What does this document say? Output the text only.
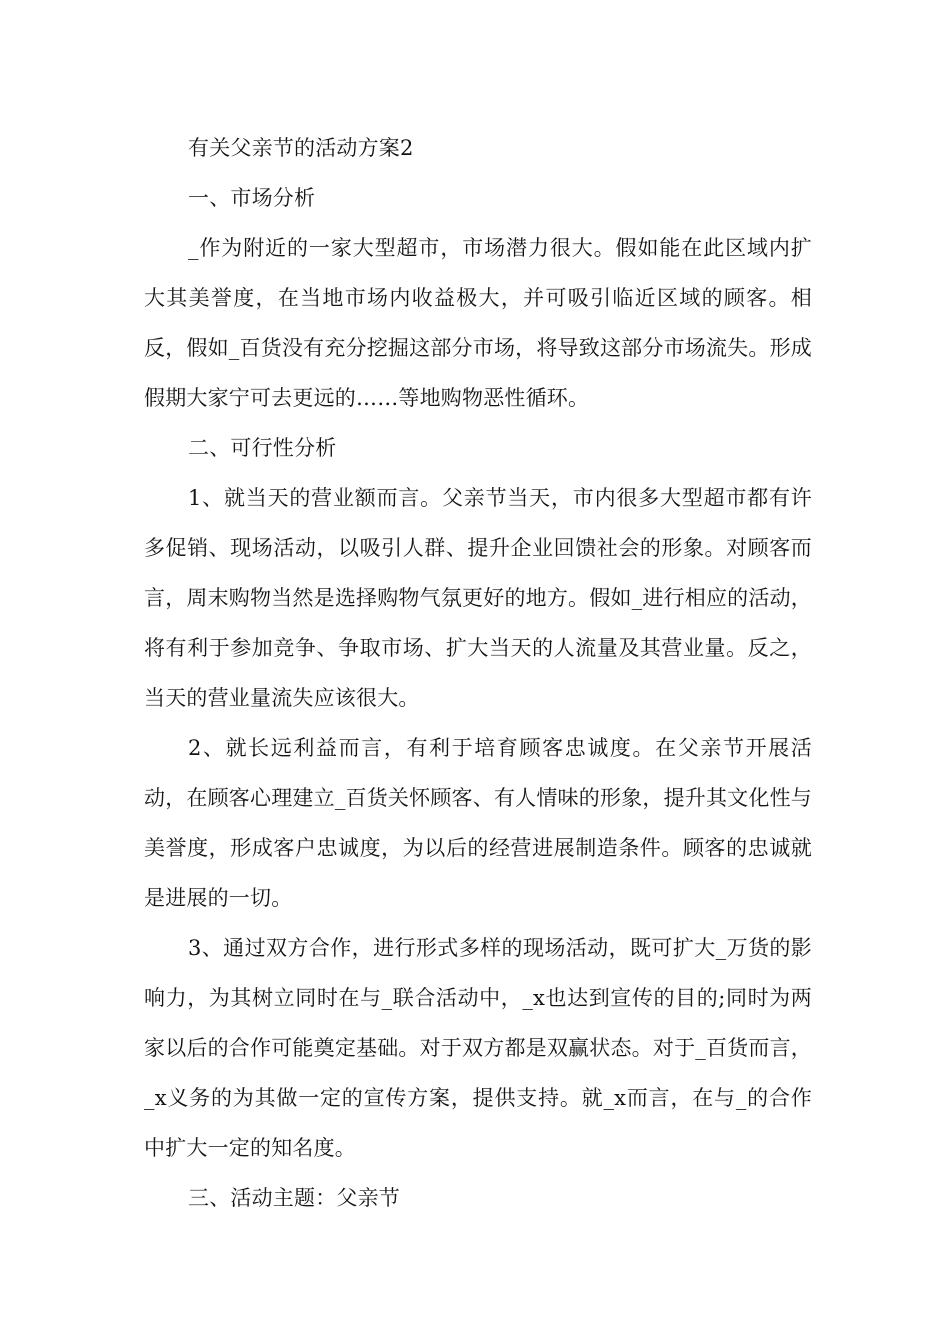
有关父亲节的活动方案2

一、市场分析

_作为附近的一家大型超市，市场潜力很大。假如能在此区域内扩大其美誉度，在当地市场内收益极大，并可吸引临近区域的顾客。相反，假如_百货没有充分挖掘这部分市场，将导致这部分市场流失。形成假期大家宁可去更远的……等地购物恶性循环。

二、可行性分析

1、就当天的营业额而言。父亲节当天，市内很多大型超市都有许多促销、现场活动，以吸引人群、提升企业回馈社会的形象。对顾客而言，周末购物当然是选择购物气氛更好的地方。假如_进行相应的活动，将有利于参加竞争、争取市场、扩大当天的人流量及其营业量。反之，当天的营业量流失应该很大。

2、就长远利益而言，有利于培育顾客忠诚度。在父亲节开展活动，在顾客心理建立_百货关怀顾客、有人情味的形象，提升其文化性与美誉度，形成客户忠诚度，为以后的经营进展制造条件。顾客的忠诚就是进展的一切。

3、通过双方合作，进行形式多样的现场活动，既可扩大_万货的影响力，为其树立同时在与_联合活动中，_x也达到宣传的目的;同时为两家以后的合作可能奠定基础。对于双方都是双赢状态。对于_百货而言，_x义务的为其做一定的宣传方案，提供支持。就_x而言，在与_的合作中扩大一定的知名度。

三、活动主题：父亲节
